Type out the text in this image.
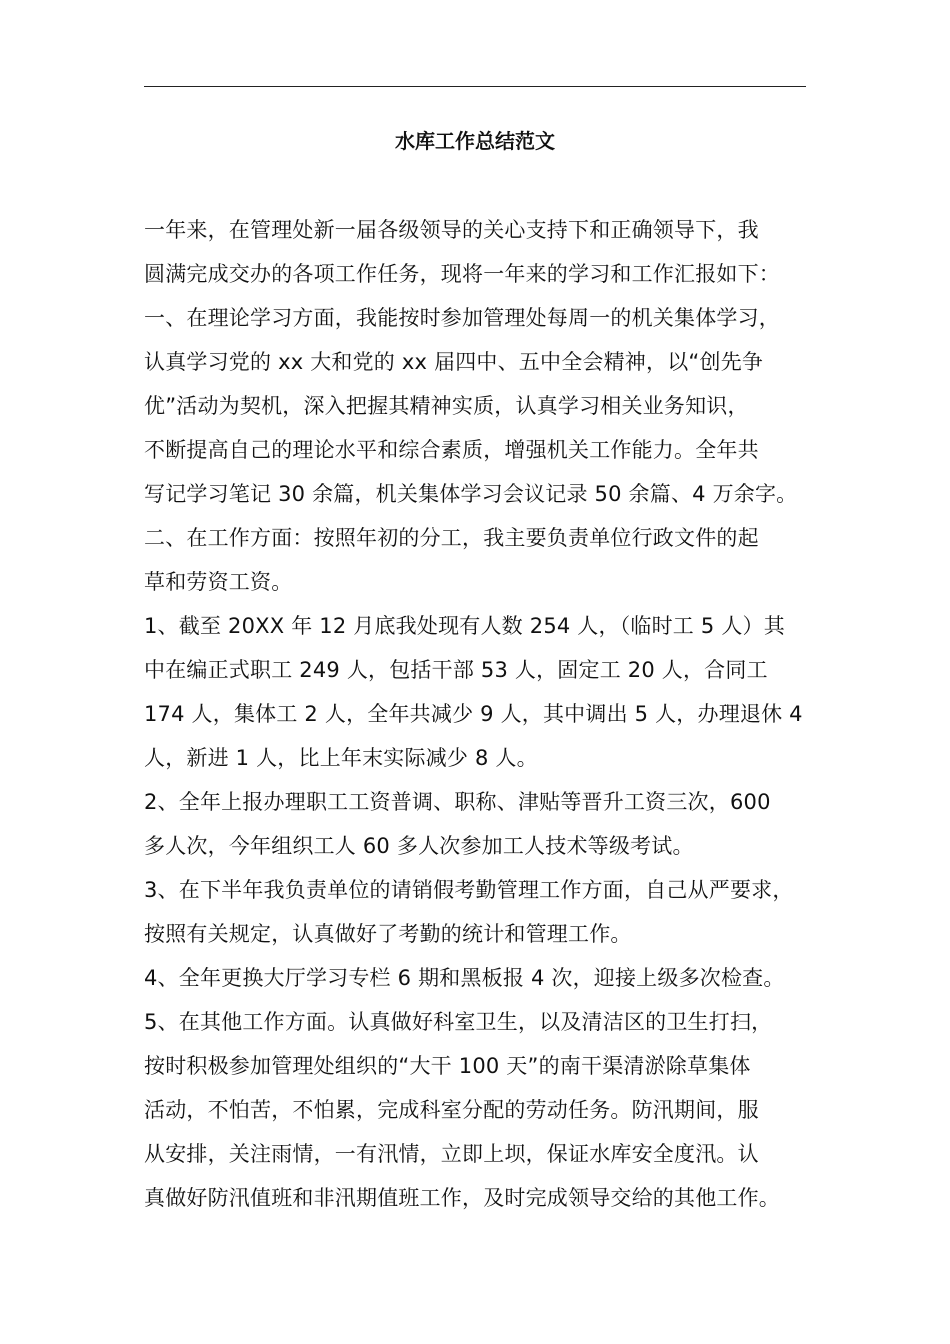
水库工作总结范文
一年来，在管理处新一届各级领导的关心支持下和正确领导下，我
圆满完成交办的各项工作任务，现将一年来的学习和工作汇报如下：
一、在理论学习方面，我能按时参加管理处每周一的机关集体学习，
认真学习党的 xx 大和党的 xx 届四中、五中全会精神，以“创先争
优”活动为契机，深入把握其精神实质，认真学习相关业务知识，
不断提高自己的理论水平和综合素质，增强机关工作能力。全年共
写记学习笔记 30 余篇，机关集体学习会议记录 50 余篇、4 万余字。
二、在工作方面：按照年初的分工，我主要负责单位行政文件的起
草和劳资工资。
1、截至 20XX 年 12 月底我处现有人数 254 人，（临时工 5 人）其
中在编正式职工 249 人，包括干部 53 人，固定工 20 人，合同工
174 人，集体工 2 人，全年共减少 9 人，其中调出 5 人，办理退休 4
人，新进 1 人，比上年末实际减少 8 人。
2、全年上报办理职工工资普调、职称、津贴等晋升工资三次，600
多人次，今年组织工人 60 多人次参加工人技术等级考试。
3、在下半年我负责单位的请销假考勤管理工作方面，自己从严要求，
按照有关规定，认真做好了考勤的统计和管理工作。
4、全年更换大厅学习专栏 6 期和黑板报 4 次，迎接上级多次检查。
5、在其他工作方面。认真做好科室卫生，以及清洁区的卫生打扫，
按时积极参加管理处组织的“大干 100 天”的南干渠清淤除草集体
活动，不怕苦，不怕累，完成科室分配的劳动任务。防汛期间，服
从安排，关注雨情，一有汛情，立即上坝，保证水库安全度汛。认
真做好防汛值班和非汛期值班工作，及时完成领导交给的其他工作。
